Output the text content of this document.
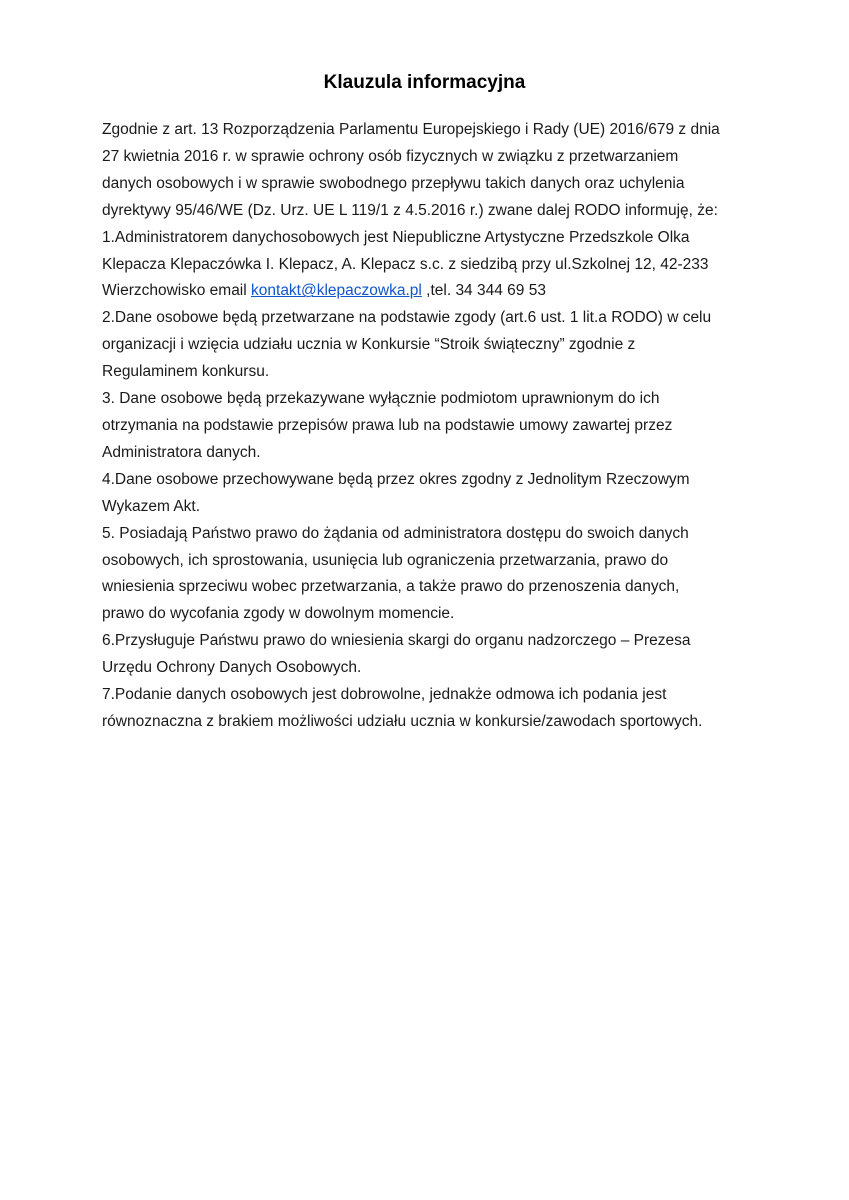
Klauzula informacyjna

Zgodnie z art. 13 Rozporządzenia Parlamentu Europejskiego i Rady (UE) 2016/679 z dnia
27 kwietnia 2016 r. w sprawie ochrony osób fizycznych w związku z przetwarzaniem
danych osobowych i w sprawie swobodnego przepływu takich danych oraz uchylenia
dyrektywy 95/46/WE (Dz. Urz. UE L 119/1 z 4.5.2016 r.) zwane dalej RODO informuję, że:

1.Administratorem danychosobowych jest Niepubliczne Artystyczne Przedszkole Olka
Klepacza Klepaczówka I. Klepacz, A. Klepacz s.c. z siedzibą przy ul.Szkolnej 12, 42-233
Wierzchowisko email kontakt@klepaczowka.pl ,tel. 34 344 69 53

2.Dane osobowe będą przetwarzane na podstawie zgody (art.6 ust. 1 lit.a RODO) w celu
organizacji i wzięcia udziału ucznia w Konkursie “Stroik świąteczny” zgodnie z
Regulaminem konkursu.

3. Dane osobowe będą przekazywane wyłącznie podmiotom uprawnionym do ich
otrzymania na podstawie przepisów prawa lub na podstawie umowy zawartej przez
Administratora danych.

4.Dane osobowe przechowywane będą przez okres zgodny z Jednolitym Rzeczowym
Wykazem Akt.

5. Posiadają Państwo prawo do żądania od administratora dostępu do swoich danych
osobowych, ich sprostowania, usunięcia lub ograniczenia przetwarzania, prawo do
wniesienia sprzeciwu wobec przetwarzania, a także prawo do przenoszenia danych,
prawo do wycofania zgody w dowolnym momencie.

6.Przysługuje Państwu prawo do wniesienia skargi do organu nadzorczego – Prezesa
Urzędu Ochrony Danych Osobowych.

7.Podanie danych osobowych jest dobrowolne, jednakże odmowa ich podania jest
równoznaczna z brakiem możliwości udziału ucznia w konkursie/zawodach sportowych.
